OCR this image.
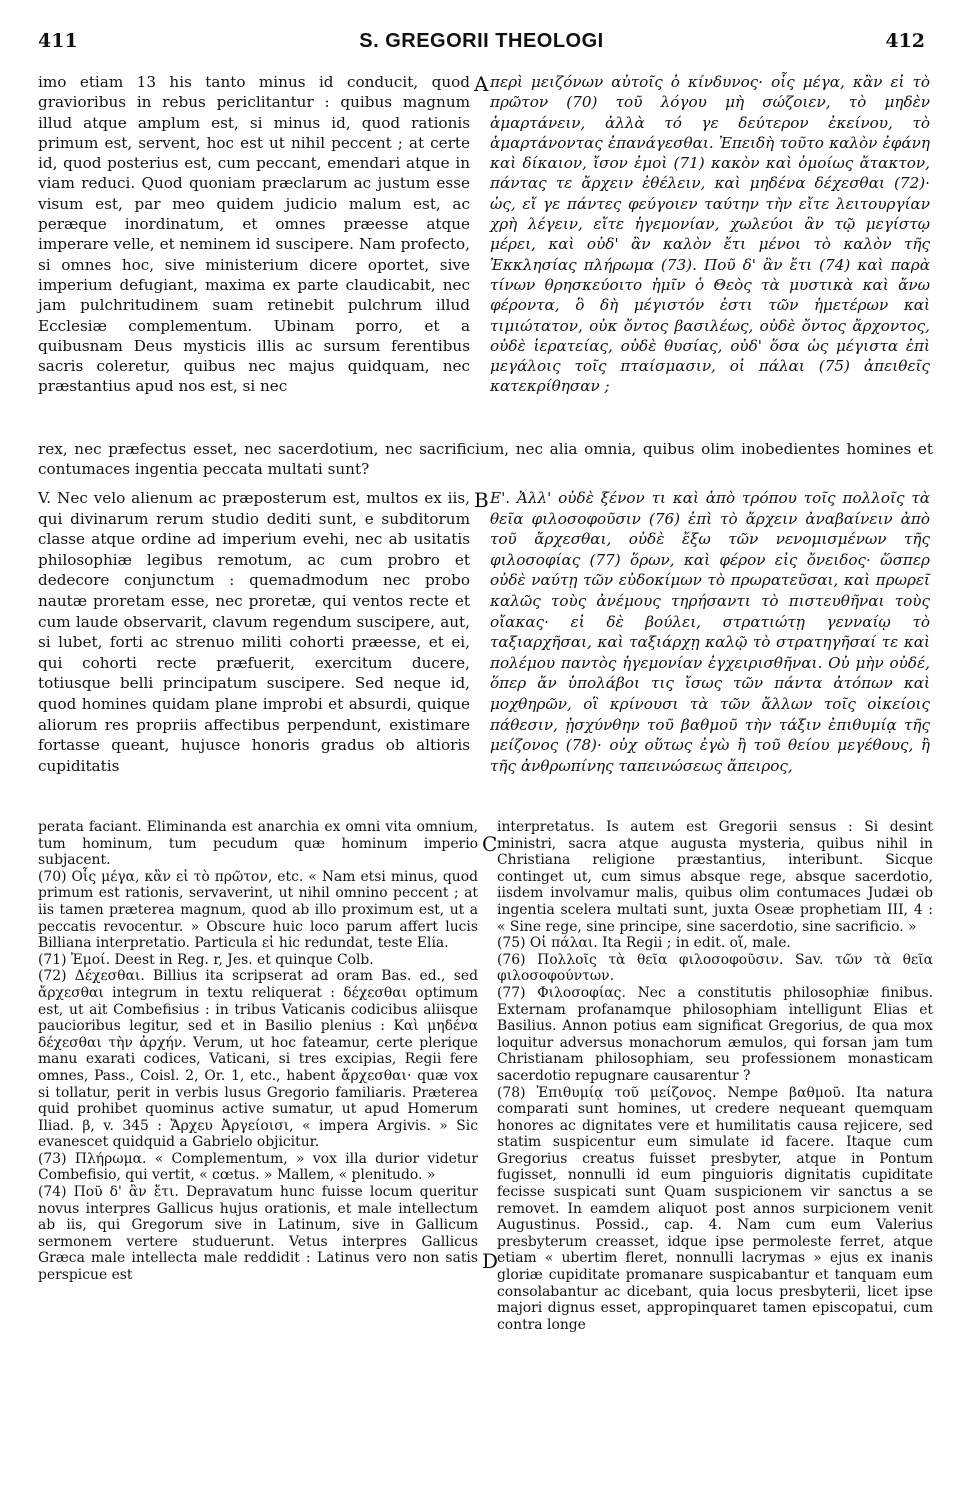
411	S. GREGORII THEOLOGI	412
A
B
C
D

imo etiam 13 his tanto minus id conducit, quod gravioribus in rebus periclitantur : quibus magnum illud atque amplum est, si minus id, quod rationis primum est, servent, hoc est ut nihil peccent ; at certe id, quod posterius est, cum peccant, emendari atque in viam reduci. Quod quoniam præclarum ac justum esse visum est, par meo quidem judicio malum est, ac peræque inordinatum, et omnes præesse atque imperare velle, et neminem id suscipere. Nam profecto, si omnes hoc, sive ministerium dicere oportet, sive imperium defugiant, maxima ex parte claudicabit, nec jam pulchritudinem suam retinebit pulchrum illud Ecclesiæ complementum. Ubinam porro, et a quibusnam Deus mysticis illis ac sursum ferentibus sacris coleretur, quibus nec majus quidquam, nec præstantius apud nos est, si nec

περὶ μειζόνων αὐτοῖς ὁ κίνδυνος· οἷς μέγα, κἂν εἰ τὸ πρῶτον (70) τοῦ λόγου μὴ σώζοιεν, τὸ μηδὲν ἁμαρτάνειν, ἀλλὰ τό γε δεύτερον ἐκείνου, τὸ ἁμαρτάνοντας ἐπανάγεσθαι. Ἐπειδὴ τοῦτο καλὸν ἐφάνη καὶ δίκαιον, ἴσον ἐμοὶ (71) κακὸν καὶ ὁμοίως ἄτακτον, πάντας τε ἄρχειν ἐθέλειν, καὶ μηδένα δέχεσθαι (72)· ὡς, εἴ γε πάντες φεύγοιεν ταύτην τὴν εἴτε λειτουργίαν χρὴ λέγειν, εἴτε ἡγεμονίαν, χωλεύοι ἂν τῷ μεγίστῳ μέρει, καὶ οὐδ' ἂν καλὸν ἔτι μένοι τὸ καλὸν τῆς Ἐκκλησίας πλήρωμα (73). Ποῦ δ' ἂν ἔτι (74) καὶ παρὰ τίνων θρησκεύοιτο ἡμῖν ὁ Θεὸς τὰ μυστικὰ καὶ ἄνω φέροντα, ὃ δὴ μέγιστόν ἐστι τῶν ἡμετέρων καὶ τιμιώτατον, οὐκ ὄντος βασιλέως, οὐδὲ ὄντος ἄρχοντος, οὐδὲ ἱερατείας, οὐδὲ θυσίας, οὐδ' ὅσα ὡς μέγιστα ἐπὶ μεγάλοις τοῖς πταίσμασιν, οἱ πάλαι (75) ἀπειθεῖς κατεκρίθησαν ;

rex, nec præfectus esset, nec sacerdotium, nec sacrificium, nec alia omnia, quibus olim inobedientes homines et contumaces ingentia peccata multati sunt?

V. Nec velo alienum ac præposterum est, multos ex iis, qui divinarum rerum studio dediti sunt, e subditorum classe atque ordine ad imperium evehi, nec ab usitatis philosophiæ legibus remotum, ac cum probro et dedecore conjunctum : quemadmodum nec probo nautæ proretam esse, nec proretæ, qui ventos recte et cum laude observarit, clavum regendum suscipere, aut, si lubet, forti ac strenuo militi cohorti præesse, et ei, qui cohorti recte præfuerit, exercitum ducere, totiusque belli principatum suscipere. Sed neque id, quod homines quidam plane improbi et absurdi, quique aliorum res propriis affectibus perpendunt, existimare fortasse queant, hujusce honoris gradus ob altioris cupiditatis

Ε'. Ἀλλ' οὐδὲ ξένον τι καὶ ἀπὸ τρόπου τοῖς πολλοῖς τὰ θεῖα φιλοσοφοῦσιν (76) ἐπὶ τὸ ἄρχειν ἀναβαίνειν ἀπὸ τοῦ ἄρχεσθαι, οὐδὲ ἔξω τῶν νενομισμένων τῆς φιλοσοφίας (77) ὅρων, καὶ φέρον εἰς ὄνειδος· ὥσπερ οὐδὲ ναύτῃ τῶν εὐδοκίμων τὸ πρωρατεῦσαι, καὶ πρωρεῖ καλῶς τοὺς ἀνέμους τηρήσαντι τὸ πιστευθῆναι τοὺς οἴακας· εἰ δὲ βούλει, στρατιώτῃ γενναίῳ τὸ ταξιαρχῆσαι, καὶ ταξιάρχῃ καλῷ τὸ στρατηγῆσαί τε καὶ πολέμου παντὸς ἡγεμονίαν ἐγχειρισθῆναι. Οὐ μὴν οὐδέ, ὅπερ ἄν ὑπολάβοι τις ἴσως τῶν πάντα ἀτόπων καὶ μοχθηρῶν, οἳ κρίνουσι τὰ τῶν ἄλλων τοῖς οἰκείοις πάθεσιν, ᾐσχύνθην τοῦ βαθμοῦ τὴν τάξιν ἐπιθυμίᾳ τῆς μείζονος (78)· οὐχ οὕτως ἐγὼ ἢ τοῦ θείου μεγέθους, ἢ τῆς ἀνθρωπίνης ταπεινώσεως ἄπειρος,

perata faciant. Eliminanda est anarchia ex omni vita omnium, tum hominum, tum pecudum quæ hominum imperio subjacent.

(70) Οἷς μέγα, κἂν εἰ τὸ πρῶτον, etc. « Nam etsi minus, quod primum est rationis, servaverint, ut nihil omnino peccent ; at iis tamen præterea magnum, quod ab illo proximum est, ut a peccatis revocentur. » Obscure huic loco parum affert lucis Billiana interpretatio. Particula εἰ hic redundat, teste Elia.

(71) Ἐμοί. Deest in Reg. r, Jes. et quinque Colb.

(72) Δέχεσθαι. Billius ita scripserat ad oram Bas. ed., sed ἄρχεσθαι integrum in textu reliquerat : δέχεσθαι optimum est, ut ait Combefisius : in tribus Vaticanis codicibus aliisque paucioribus legitur, sed et in Basilio plenius : Καὶ μηδένα δέχεσθαι τὴν ἀρχήν. Verum, ut hoc fateamur, certe plerique manu exarati codices, Vaticani, si tres excipias, Regii fere omnes, Pass., Coisl. 2, Or. 1, etc., habent ἄρχεσθαι· quæ vox si tollatur, perit in verbis lusus Gregorio familiaris. Præterea quid prohibet quominus active sumatur, ut apud Homerum Iliad. β, v. 345 : Ἄρχευ Ἀργείοισι, « impera Argivis. » Sic evanescet quidquid a Gabrielo objicitur.

(73) Πλήρωμα. « Complementum, » vox illa durior videtur Combefisio, qui vertit, « cœtus. » Mallem, « plenitudo. »

(74) Ποῦ δ' ἂν ἔτι. Depravatum hunc fuisse locum queritur novus interpres Gallicus hujus orationis, et male intellectum ab iis, qui Gregorum sive in Latinum, sive in Gallicum sermonem vertere studuerunt. Vetus interpres Gallicus Græca male intellecta male reddidit : Latinus vero non satis perspicue est

interpretatus. Is autem est Gregorii sensus : Si desint ministri, sacra atque augusta mysteria, quibus nihil in Christiana religione præstantius, interibunt. Sicque continget ut, cum simus absque rege, absque sacerdotio, iisdem involvamur malis, quibus olim contumaces Judæi ob ingentia scelera multati sunt, juxta Oseæ prophetiam III, 4 : « Sine rege, sine principe, sine sacerdotio, sine sacrificio. »

(75) Οἱ πάλαι. Ita Regii ; in edit. οἵ, male.

(76) Πολλοῖς τὰ θεῖα φιλοσοφοῦσιν. Sav. τῶν τὰ θεῖα φιλοσοφούντων.

(77) Φιλοσοφίας. Nec a constitutis philosophiæ finibus. Externam profanamque philosophiam intelligunt Elias et Basilius. Annon potius eam significat Gregorius, de qua mox loquitur adversus monachorum æmulos, qui forsan jam tum Christianam philosophiam, seu professionem monasticam sacerdotio repugnare causarentur ?

(78) Ἐπιθυμίᾳ τοῦ μείζονος. Nempe βαθμοῦ. Ita natura comparati sunt homines, ut credere nequeant quemquam honores ac dignitates vere et humilitatis causa rejicere, sed statim suspicentur eum simulate id facere. Itaque cum Gregorius creatus fuisset presbyter, atque in Pontum fugisset, nonnulli id eum pinguioris dignitatis cupiditate fecisse suspicati sunt Quam suspicionem vir sanctus a se removet. In eamdem aliquot post annos surpicionem venit Augustinus. Possid., cap. 4. Nam cum eum Valerius presbyterum creasset, idque ipse permoleste ferret, atque etiam « ubertim fleret, nonnulli lacrymas » ejus ex inanis gloriæ cupiditate promanare suspicabantur et tanquam eum consolabantur ac dicebant, quia locus presbyterii, licet ipse majori dignus esset, appropinquaret tamen episcopatui, cum contra longe
